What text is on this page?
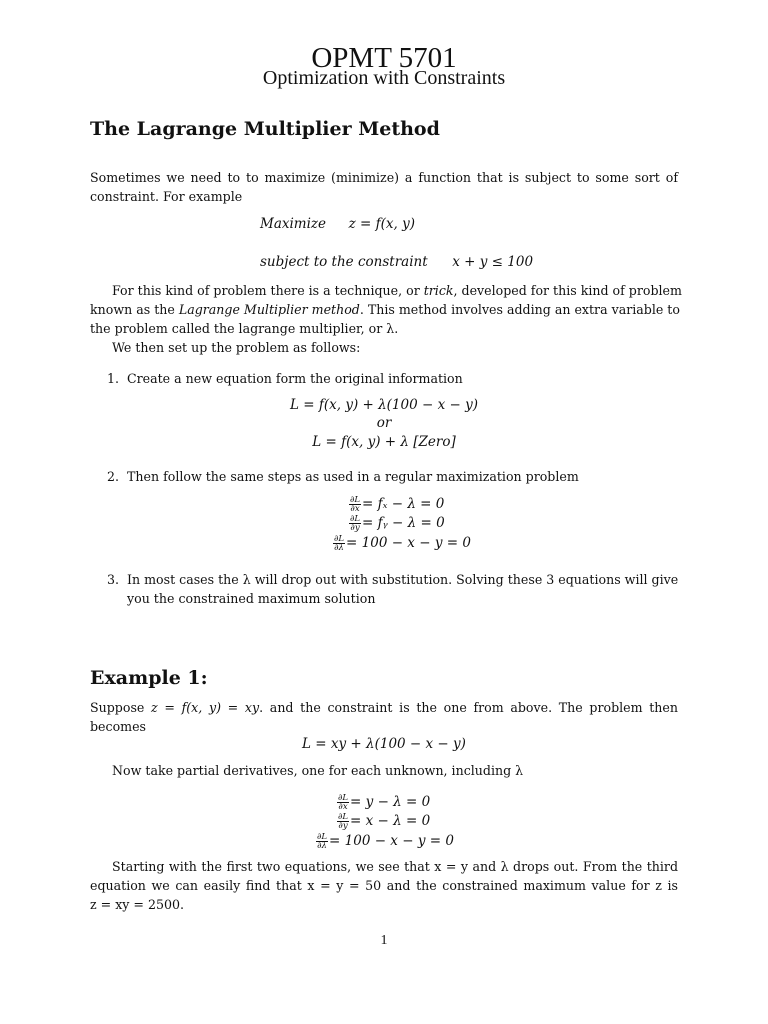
OPMT 5701
Optimization with Constraints
The Lagrange Multiplier Method
Sometimes we need to to maximize (minimize) a function that is subject to some sort of
constraint. For example
Maximize z = f(x, y)
subject to the constraint x + y ≤ 100
For this kind of problem there is a technique, or trick, developed for this kind of problem
known as the Lagrange Multiplier method. This method involves adding an extra variable to
the problem called the lagrange multiplier, or λ.
We then set up the problem as follows:
1. Create a new equation form the original information
L = f(x, y) + λ(100 − x − y)
or
L = f(x, y) + λ [Zero]
2. Then follow the same steps as used in a regular maximization problem
$\frac{\partial L}{\partial x} = f_x - \lambda = 0$
$\frac{\partial L}{\partial y}$ = fᵧ − λ = 0
$\frac{\partial L}{\partial\lambda} = 100 - x - y = 0$
3. In most cases the λ will drop out with substitution. Solving these 3 equations will give
you the constrained maximum solution
Example 1:
Suppose z = f(x, y) = xy. and the constraint is the one from above. The problem then
becomes
L = xy + λ(100 − x − y)
Now take partial derivatives, one for each unknown, including λ
$\frac{\partial L}{\partial x} = y - \lambda = 0$
$\frac{\partial L}{\partial y} = x - \lambda = 0$
$\frac{\partial L}{\partial\lambda} = 100 - x - y = 0$
Starting with the first two equations, we see that x = y and λ drops out. From the third
equation we can easily find that x = y = 50 and the constrained maximum value for z is
z = xy = 2500.
1
